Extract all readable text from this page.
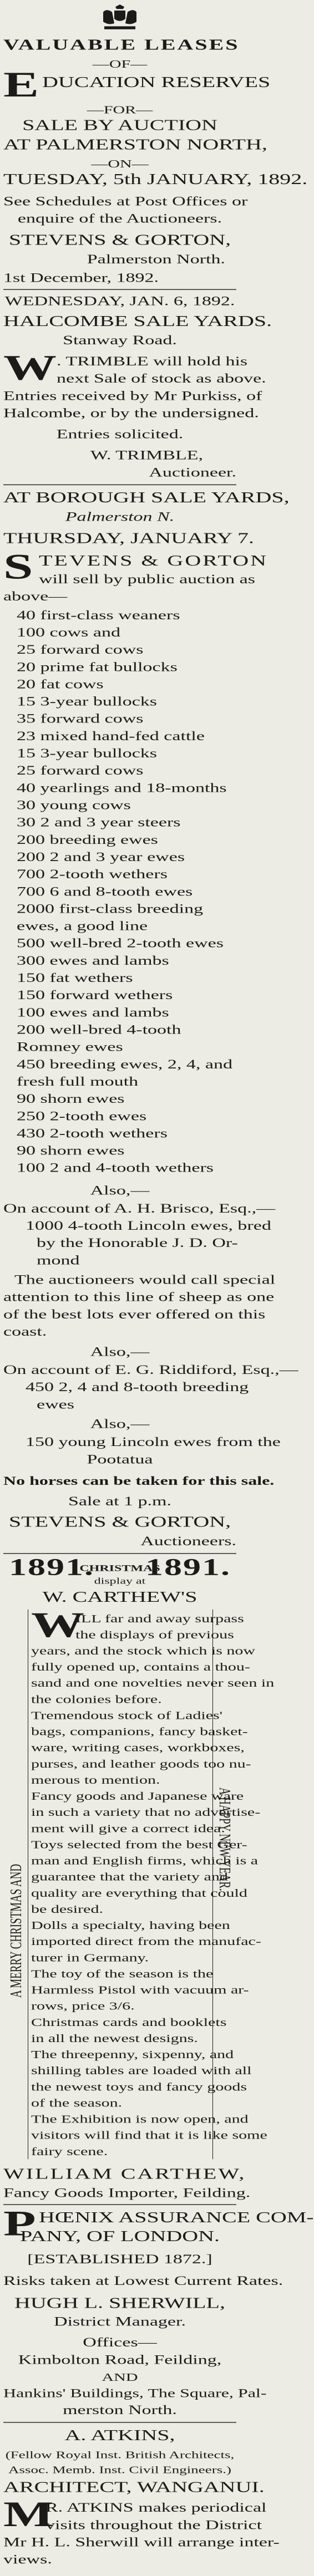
VALUABLE LEASES
—OF—
E DUCATION RESERVES
—FOR—
SALE BY AUCTION
AT PALMERSTON NORTH,
—ON—
TUESDAY, 5th JANUARY, 1892.
See Schedules at Post Offices or
enquire of the Auctioneers.
STEVENS & GORTON,
Palmerston North.
1st December, 1892.
WEDNESDAY, JAN. 6, 1892.
HALCOMBE SALE YARDS.
Stanway Road.
W . TRIMBLE will hold his
next Sale of stock as above.
Entries received by Mr Purkiss, of
Halcombe, or by the undersigned.
Entries solicited.
W. TRIMBLE,
Auctioneer.
AT BOROUGH SALE YARDS,
Palmerston N.
THURSDAY, JANUARY 7.
S TEVENS & GORTON
will sell by public auction as
above—
40 first-class weaners
100 cows and
25 forward cows
20 prime fat bullocks
20 fat cows
15 3-year bullocks
35 forward cows
23 mixed hand-fed cattle
15 3-year bullocks
25 forward cows
40 yearlings and 18-months
30 young cows
30 2 and 3 year steers
200 breeding ewes
200 2 and 3 year ewes
700 2-tooth wethers
700 6 and 8-tooth ewes
2000 first-class breeding ewes, a good line
500 well-bred 2-tooth ewes
300 ewes and lambs
150 fat wethers
150 forward wethers
100 ewes and lambs
200 well-bred 4-tooth Romney ewes
450 breeding ewes, 2, 4, and fresh full mouth
90 shorn ewes
250 2-tooth ewes
430 2-tooth wethers
90 shorn ewes
100 2 and 4-tooth wethers
Also,—
On account of A. H. Brisco, Esq.,—
1000 4-tooth Lincoln ewes, bred
by the Honorable J. D. Or-
mond
The auctioneers would call special
attention to this line of sheep as one
of the best lots ever offered on this
coast.
Also,—
On account of E. G. Riddiford, Esq.,—
450 2, 4 and 8-tooth breeding
ewes
Also,—
150 young Lincoln ewes from the
Pootatua
No horses can be taken for this sale.
Sale at 1 p.m.
STEVENS & GORTON,
Auctioneers.
1891. 1891.
CHRISTMAS
display at
W. CARTHEW'S
W
ILL far and away surpass
the displays of previous
years, and the stock which is now
fully opened up, contains a thou-
sand and one novelties never seen in
the colonies before.
Tremendous stock of Ladies'
bags, companions, fancy basket-
ware, writing cases, workboxes,
purses, and leather goods too nu-
merous to mention.
Fancy goods and Japanese ware
in such a variety that no advertise-
ment will give a correct idea.
Toys selected from the best Ger-
man and English firms, which is a
guarantee that the variety and
quality are everything that could
be desired.
Dolls a specialty, having been
imported direct from the manufac-
turer in Germany.
The toy of the season is the
Harmless Pistol with vacuum ar-
rows, price 3/6.
Christmas cards and booklets
in all the newest designs.
The threepenny, sixpenny, and
shilling tables are loaded with all
the newest toys and fancy goods
of the season.
The Exhibition is now open, and
visitors will find that it is like some
fairy scene.
A MERRY CHRISTMAS AND
A HAPPY NEW YEAR.
WILLIAM CARTHEW,
Fancy Goods Importer, Feilding.
P HŒNIX ASSURANCE COM-
PANY, OF LONDON.
[ESTABLISHED 1872.]
Risks taken at Lowest Current Rates.
HUGH L. SHERWILL,
District Manager.
Offices—
Kimbolton Road, Feilding,
AND
Hankins' Buildings, The Square, Pal-
merston North.
A. ATKINS,
(Fellow Royal Inst. British Architects,
Assoc. Memb. Inst. Civil Engineers.)
ARCHITECT, WANGANUI.
M
R. ATKINS makes periodical
visits throughout the District
Mr H. L. Sherwill will arrange inter-
views.
